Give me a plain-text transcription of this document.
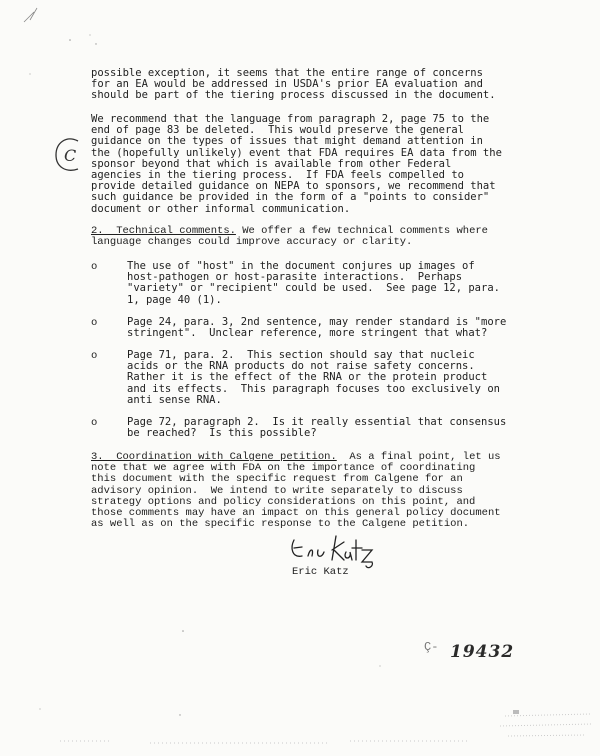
possible exception, it seems that the entire range of concerns
for an EA would be addressed in USDA's prior EA evaluation and
should be part of the tiering process discussed in the document.
We recommend that the language from paragraph 2, page 75 to the
end of page 83 be deleted.  This would preserve the general
guidance on the types of issues that might demand attention in
the (hopefully unlikely) event that FDA requires EA data from the
sponsor beyond that which is available from other Federal
agencies in the tiering process.  If FDA feels compelled to
provide detailed guidance on NEPA to sponsors, we recommend that
such guidance be provided in the form of a "points to consider"
document or other informal communication.
C
2.  Technical comments. We offer a few technical comments where
language changes could improve accuracy or clarity.
o	The use of "host" in the document conjures up images of
host-pathogen or host-parasite interactions.  Perhaps
"variety" or "recipient" could be used.  See page 12, para.
1, page 40 (1).
o	Page 24, para. 3, 2nd sentence, may render standard is "more
stringent".  Unclear reference, more stringent that what?
o	Page 71, para. 2.  This section should say that nucleic
acids or the RNA products do not raise safety concerns.
Rather it is the effect of the RNA or the protein product
and its effects.  This paragraph focuses too exclusively on
anti sense RNA.
o	Page 72, paragraph 2.  Is it really essential that consensus
be reached?  Is this possible?
3.  Coordination with Calgene petition.  As a final point, let us
note that we agree with FDA on the importance of coordinating
this document with the specific request from Calgene for an
advisory opinion.  We intend to write separately to discuss
strategy options and policy considerations on this point, and
those comments may have an impact on this general policy document
as well as on the specific response to the Calgene petition.
Eric Katz
Ç- 19432
